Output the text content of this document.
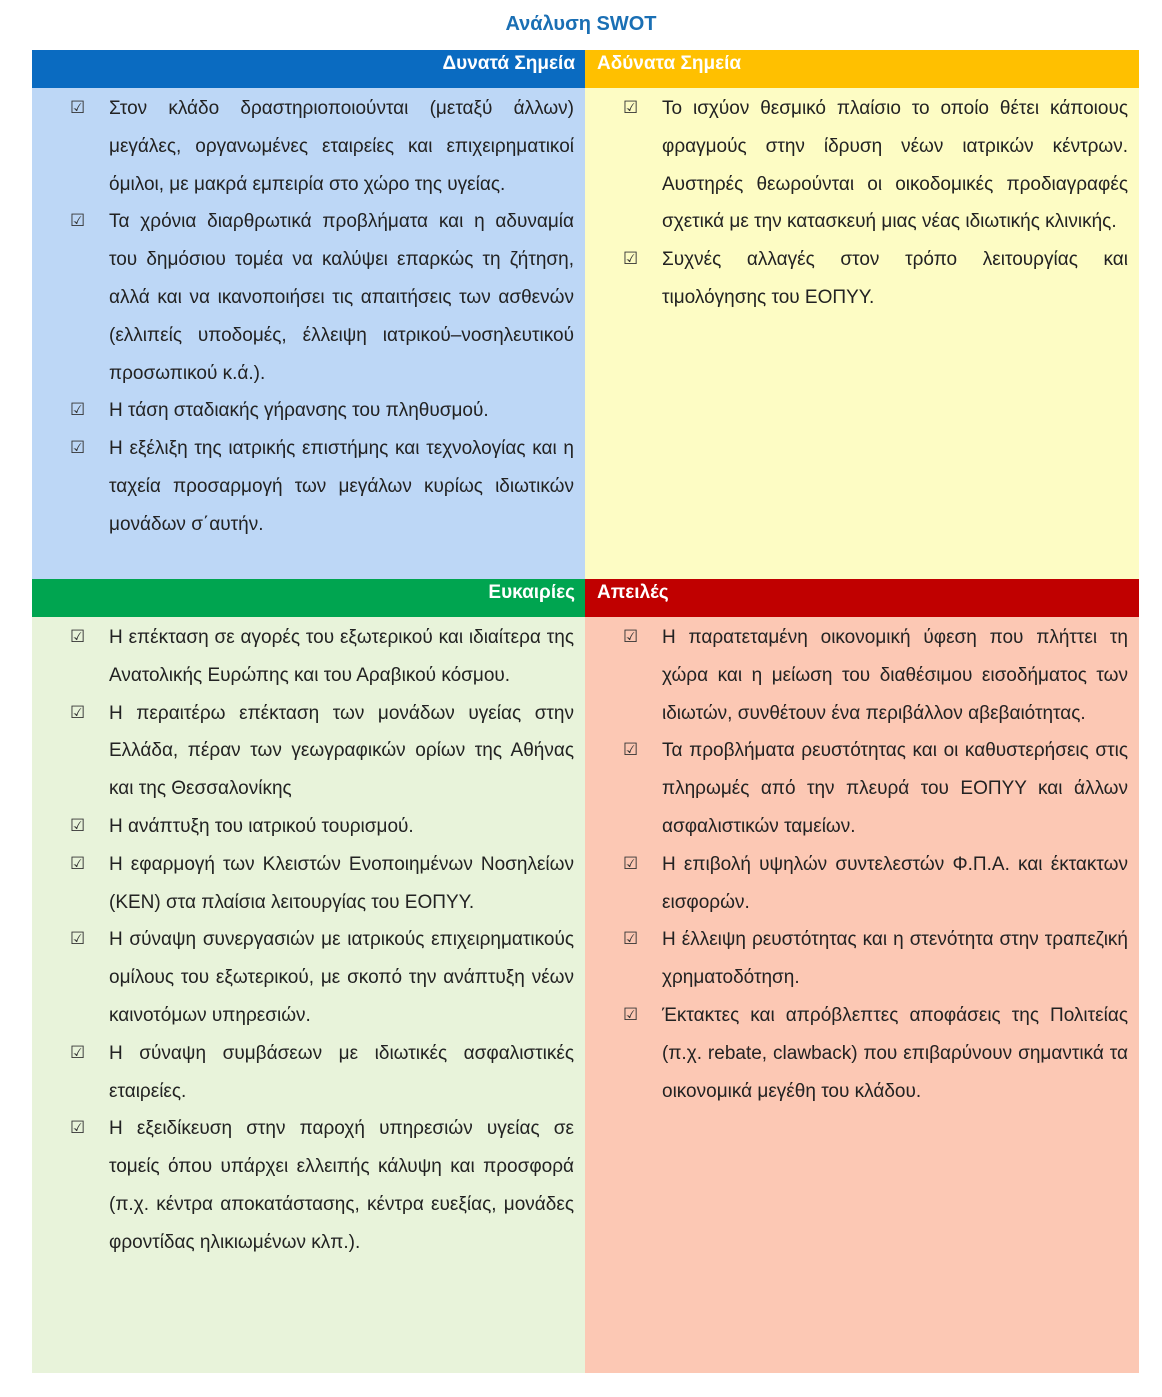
Ανάλυση SWOT
Δυνατά Σημεία	Αδύνατα Σημεία
☑ Στον κλάδο δραστηριοποιούνται (μεταξύ άλλων) μεγάλες, οργανωμένες εταιρείες και επιχειρηματικοί όμιλοι, με μακρά εμπειρία στο χώρο της υγείας.
☑ Τα χρόνια διαρθρωτικά προβλήματα και η αδυναμία του δημόσιου τομέα να καλύψει επαρκώς τη ζήτηση, αλλά και να ικανοποιήσει τις απαιτήσεις των ασθενών (ελλιπείς υποδομές, έλλειψη ιατρικού–νοσηλευτικού προσωπικού κ.ά.).
☑ Η τάση σταδιακής γήρανσης του πληθυσμού.
☑ Η εξέλιξη της ιατρικής επιστήμης και τεχνολογίας και η ταχεία προσαρμογή των μεγάλων κυρίως ιδιωτικών μονάδων σ΄αυτήν.
☑ Το ισχύον θεσμικό πλαίσιο το οποίο θέτει κάποιους φραγμούς στην ίδρυση νέων ιατρικών κέντρων. Αυστηρές θεωρούνται οι οικοδομικές προδιαγραφές σχετικά με την κατασκευή μιας νέας ιδιωτικής κλινικής.
☑ Συχνές αλλαγές στον τρόπο λειτουργίας και τιμολόγησης του ΕΟΠΥΥ.
Ευκαιρίες	Απειλές
☑ Η επέκταση σε αγορές του εξωτερικού και ιδιαίτερα της Ανατολικής Ευρώπης και του Αραβικού κόσμου.
☑ Η περαιτέρω επέκταση των μονάδων υγείας στην Ελλάδα, πέραν των γεωγραφικών ορίων της Αθήνας και της Θεσσαλονίκης
☑ Η ανάπτυξη του ιατρικού τουρισμού.
☑ Η εφαρμογή των Κλειστών Ενοποιημένων Νοσηλείων (ΚΕΝ) στα πλαίσια λειτουργίας του ΕΟΠΥΥ.
☑ Η σύναψη συνεργασιών με ιατρικούς επιχειρηματικούς ομίλους του εξωτερικού, με σκοπό την ανάπτυξη νέων καινοτόμων υπηρεσιών.
☑ Η σύναψη συμβάσεων με ιδιωτικές ασφαλιστικές εταιρείες.
☑ Η εξειδίκευση στην παροχή υπηρεσιών υγείας σε τομείς όπου υπάρχει ελλειπής κάλυψη και προσφορά (π.χ. κέντρα αποκατάστασης, κέντρα ευεξίας, μονάδες φροντίδας ηλικιωμένων κλπ.).
☑ Η παρατεταμένη οικονομική ύφεση που πλήττει τη χώρα και η μείωση του διαθέσιμου εισοδήματος των ιδιωτών, συνθέτουν ένα περιβάλλον αβεβαιότητας.
☑ Τα προβλήματα ρευστότητας και οι καθυστερήσεις στις πληρωμές από την πλευρά του ΕΟΠΥΥ και άλλων ασφαλιστικών ταμείων.
☑ Η επιβολή υψηλών συντελεστών Φ.Π.Α. και έκτακτων εισφορών.
☑ Η έλλειψη ρευστότητας και η στενότητα στην τραπεζική χρηματοδότηση.
☑ Έκτακτες και απρόβλεπτες αποφάσεις της Πολιτείας (π.χ. rebate, clawback) που επιβαρύνουν σημαντικά τα οικονομικά μεγέθη του κλάδου.
